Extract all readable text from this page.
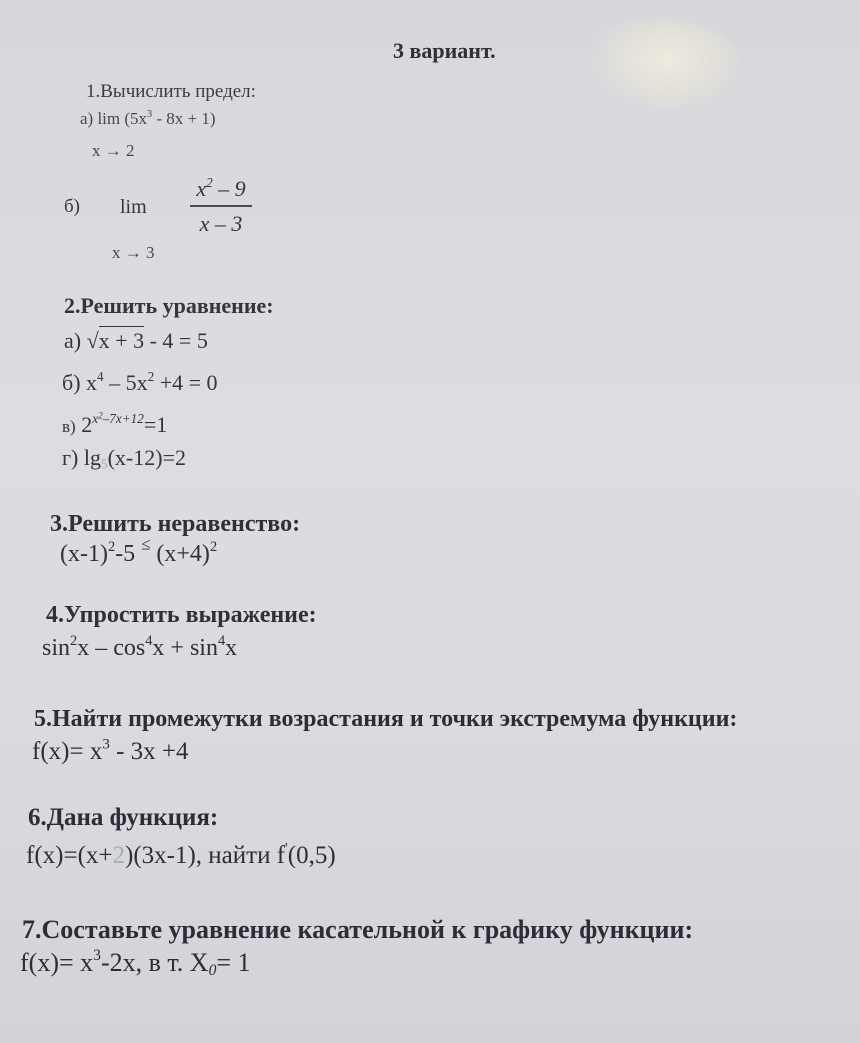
3 вариант.
1.Вычислить предел:
а) $\lim (5x^3 - 8x + 1)$
x → 2
б) lim
$x^2 - 9$
x – 3
x → 3
2.Решить уравнение:
а) √x + 3 - 4 = 5
б) $x^4 - 5x^2 +4 = 0$
в) $2^{x^2-7x+12}=1$
г) $\lg_5(x-12)=2$
3.Решить неравенство:
$(x-1)^2-5$ ≤ $(x+4)^2$
4.Упростить выражение:
$\sin^2x - \cos^4x + \sin^4x$
5.Найти промежутки возрастания и точки экстремума функции:
$f(x)= x^3 - 3x +4$
6.Дана функция:
f(x)=(x+2)(3x-1), найти f'(0,5)
7.Составьте уравнение касательной к графику функции:
$f(x)= x^3-2x$, в т. $X_0= 1$
